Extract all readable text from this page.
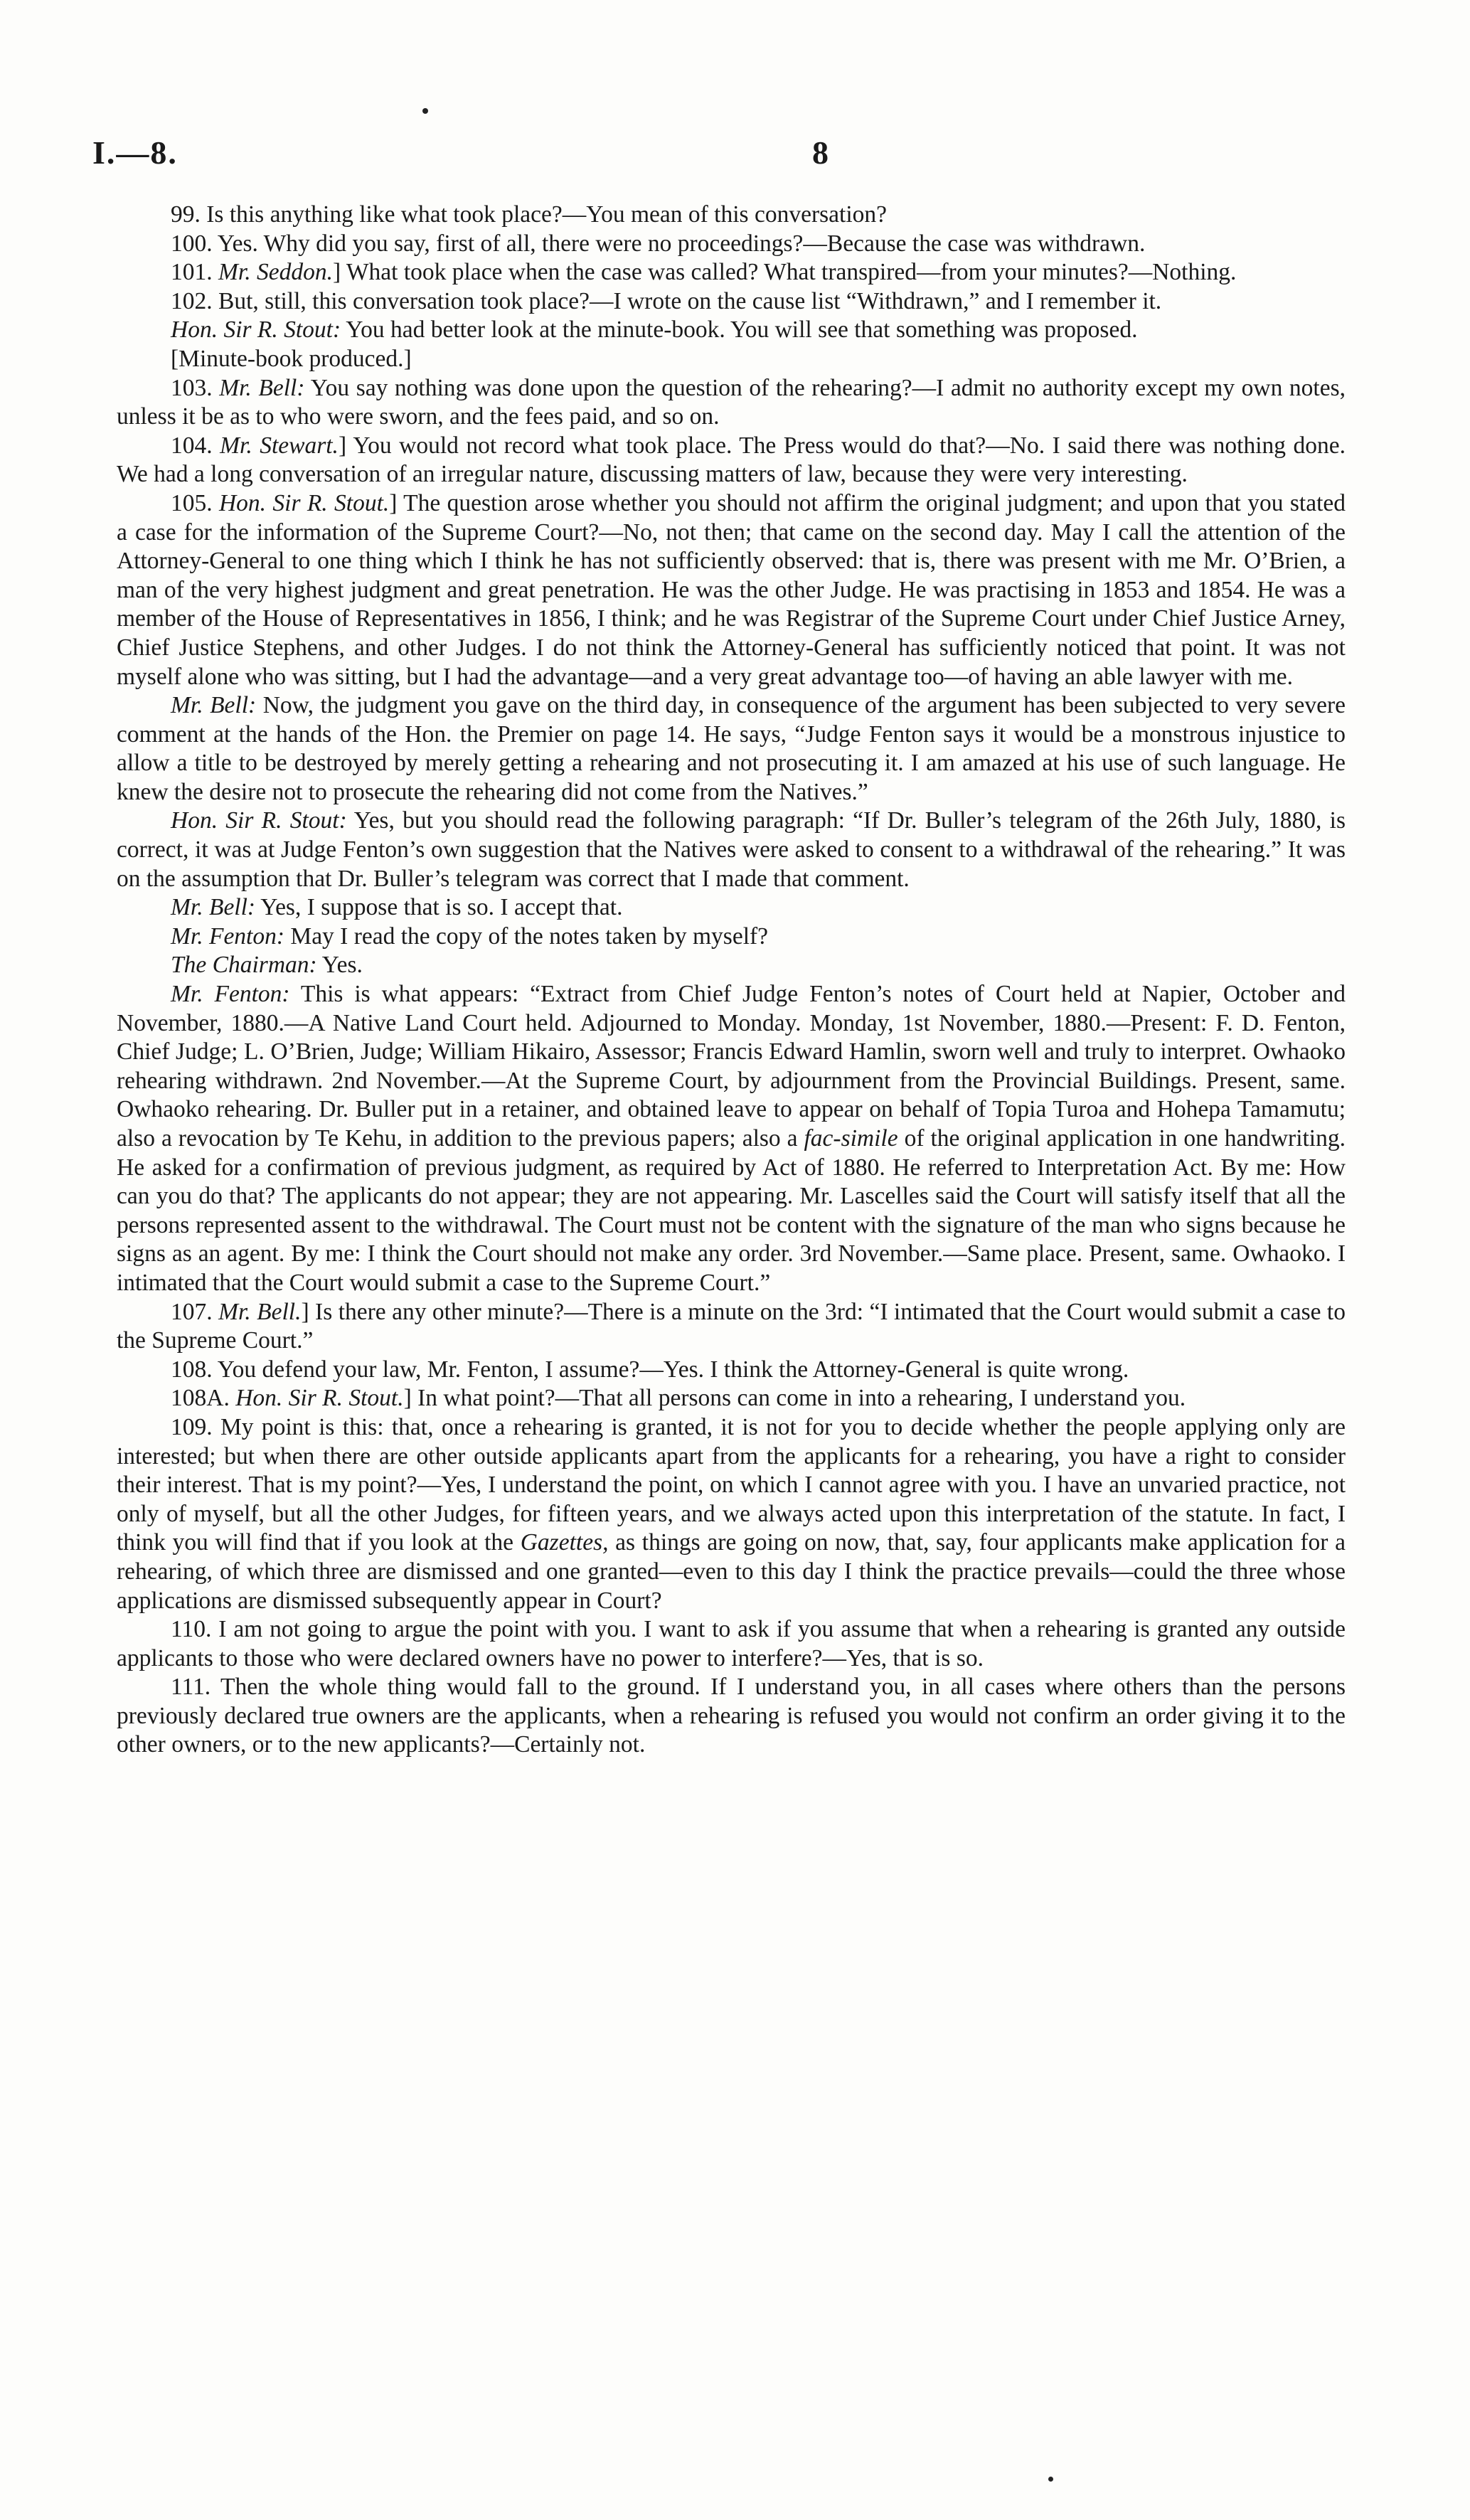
I.—8.	8

99. Is this anything like what took place?—You mean of this conversation?

100. Yes. Why did you say, first of all, there were no proceedings?—Because the case was withdrawn.

101. Mr. Seddon.] What took place when the case was called? What transpired—from your minutes?—Nothing.

102. But, still, this conversation took place?—I wrote on the cause list “Withdrawn,” and I remember it.

Hon. Sir R. Stout: You had better look at the minute-book. You will see that something was proposed.

[Minute-book produced.]

103. Mr. Bell: You say nothing was done upon the question of the rehearing?—I admit no authority except my own notes, unless it be as to who were sworn, and the fees paid, and so on.

104. Mr. Stewart.] You would not record what took place. The Press would do that?—No. I said there was nothing done. We had a long conversation of an irregular nature, discussing matters of law, because they were very interesting.

105. Hon. Sir R. Stout.] The question arose whether you should not affirm the original judgment; and upon that you stated a case for the information of the Supreme Court?—No, not then; that came on the second day. May I call the attention of the Attorney-General to one thing which I think he has not sufficiently observed: that is, there was present with me Mr. O’Brien, a man of the very highest judgment and great penetration. He was the other Judge. He was practising in 1853 and 1854. He was a member of the House of Representatives in 1856, I think; and he was Registrar of the Supreme Court under Chief Justice Arney, Chief Justice Stephens, and other Judges. I do not think the Attorney-General has sufficiently noticed that point. It was not myself alone who was sitting, but I had the advantage—and a very great advantage too—of having an able lawyer with me.

Mr. Bell: Now, the judgment you gave on the third day, in consequence of the argument has been subjected to very severe comment at the hands of the Hon. the Premier on page 14. He says, “Judge Fenton says it would be a monstrous injustice to allow a title to be destroyed by merely getting a rehearing and not prosecuting it. I am amazed at his use of such language. He knew the desire not to prosecute the rehearing did not come from the Natives.”

Hon. Sir R. Stout: Yes, but you should read the following paragraph: “If Dr. Buller’s telegram of the 26th July, 1880, is correct, it was at Judge Fenton’s own suggestion that the Natives were asked to consent to a withdrawal of the rehearing.” It was on the assumption that Dr. Buller’s telegram was correct that I made that comment.

Mr. Bell: Yes, I suppose that is so. I accept that.

Mr. Fenton: May I read the copy of the notes taken by myself?

The Chairman: Yes.

Mr. Fenton: This is what appears: “Extract from Chief Judge Fenton’s notes of Court held at Napier, October and November, 1880.—A Native Land Court held. Adjourned to Monday. Monday, 1st November, 1880.—Present: F. D. Fenton, Chief Judge; L. O’Brien, Judge; William Hikairo, Assessor; Francis Edward Hamlin, sworn well and truly to interpret. Owhaoko rehearing withdrawn. 2nd November.—At the Supreme Court, by adjournment from the Provincial Buildings. Present, same. Owhaoko rehearing. Dr. Buller put in a retainer, and obtained leave to appear on behalf of Topia Turoa and Hohepa Tamamutu; also a revocation by Te Kehu, in addition to the previous papers; also a fac-simile of the original application in one handwriting. He asked for a confirmation of previous judgment, as required by Act of 1880. He referred to Interpretation Act. By me: How can you do that? The applicants do not appear; they are not appearing. Mr. Lascelles said the Court will satisfy itself that all the persons represented assent to the withdrawal. The Court must not be content with the signature of the man who signs because he signs as an agent. By me: I think the Court should not make any order. 3rd November.—Same place. Present, same. Owhaoko. I intimated that the Court would submit a case to the Supreme Court.”

107. Mr. Bell.] Is there any other minute?—There is a minute on the 3rd: “I intimated that the Court would submit a case to the Supreme Court.”

108. You defend your law, Mr. Fenton, I assume?—Yes. I think the Attorney-General is quite wrong.

108A. Hon. Sir R. Stout.] In what point?—That all persons can come in into a rehearing, I understand you.

109. My point is this: that, once a rehearing is granted, it is not for you to decide whether the people applying only are interested; but when there are other outside applicants apart from the applicants for a rehearing, you have a right to consider their interest. That is my point?—Yes, I understand the point, on which I cannot agree with you. I have an unvaried practice, not only of myself, but all the other Judges, for fifteen years, and we always acted upon this interpretation of the statute. In fact, I think you will find that if you look at the Gazettes, as things are going on now, that, say, four applicants make application for a rehearing, of which three are dismissed and one granted—even to this day I think the practice prevails—could the three whose applications are dismissed subsequently appear in Court?

110. I am not going to argue the point with you. I want to ask if you assume that when a rehearing is granted any outside applicants to those who were declared owners have no power to interfere?—Yes, that is so.

111. Then the whole thing would fall to the ground. If I understand you, in all cases where others than the persons previously declared true owners are the applicants, when a rehearing is refused you would not confirm an order giving it to the other owners, or to the new applicants?—Certainly not.
